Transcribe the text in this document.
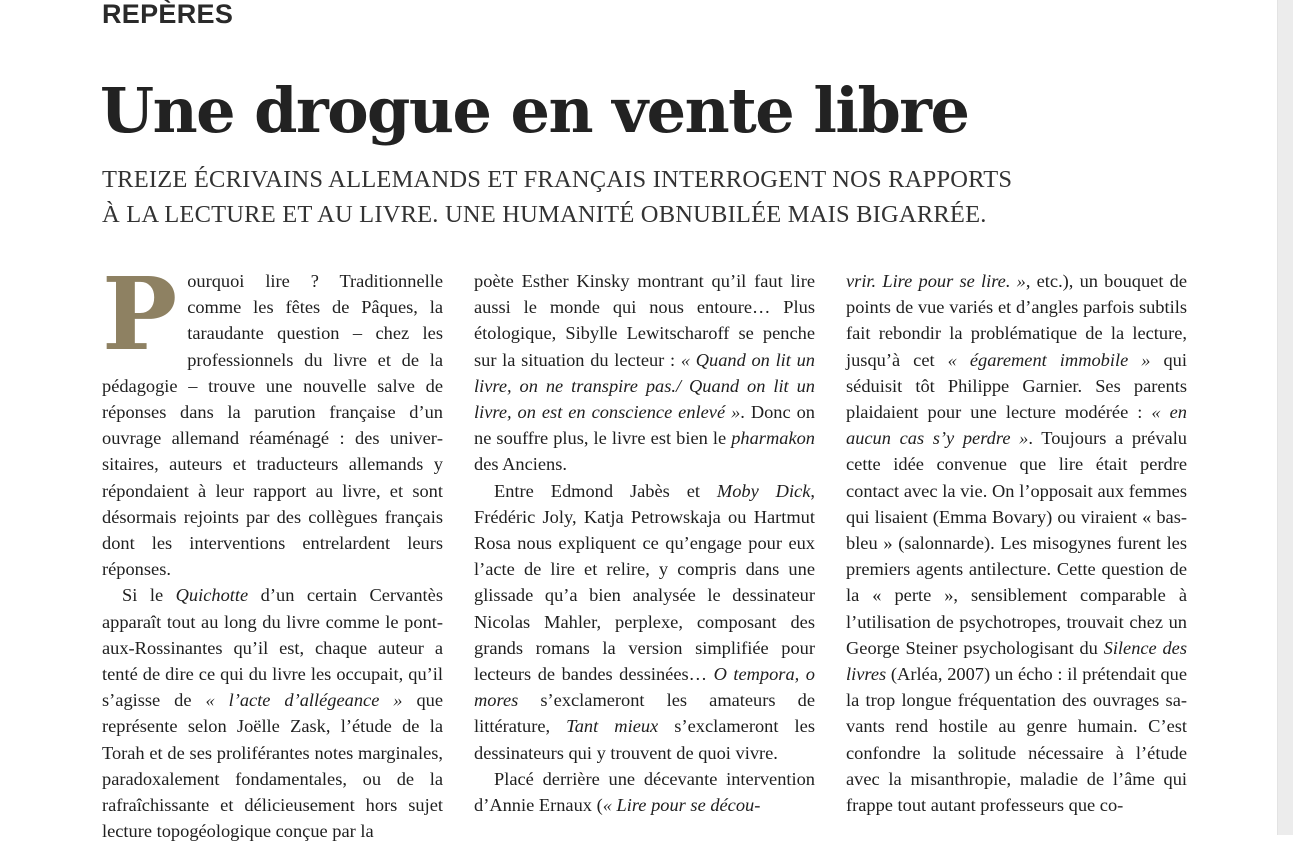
REPÈRES
Une drogue en vente libre
TREIZE ÉCRIVAINS ALLEMANDS ET FRANÇAIS INTERROGENT NOS RAPPORTS
À LA LECTURE ET AU LIVRE. UNE HUMANITÉ OBNUBILÉE MAIS BIGARRÉE.

Pourquoi lire ? Traditionnelle comme les fêtes de Pâques, la taraudante question – chez les professionnels du livre et de la pédagogie – trouve une nouvelle salve de réponses dans la parution française d’un ouvrage allemand réaménagé : des universitaires, auteurs et traducteurs allemands y répondaient à leur rapport au livre, et sont désormais rejoints par des collègues français dont les interventions entrelardent leurs réponses.

Si le Quichotte d’un certain Cervantès apparaît tout au long du livre comme le pont-aux-Rossinantes qu’il est, chaque auteur a tenté de dire ce qui du livre les occupait, qu’il s’agisse de « l’acte d’allégeance » que représente selon Joëlle Zask, l’étude de la Torah et de ses proliférantes notes marginales, paradoxalement fondamentales, ou de la rafraîchissante et délicieusement hors sujet lecture topogéologique conçue par la

poète Esther Kinsky montrant qu’il faut lire aussi le monde qui nous entoure… Plus étologique, Sibylle Lewitscharoff se penche sur la situation du lecteur : « Quand on lit un livre, on ne transpire pas./ Quand on lit un livre, on est en conscience enlevé ». Donc on ne souffre plus, le livre est bien le pharmakon des Anciens.

Entre Edmond Jabès et Moby Dick, Frédéric Joly, Katja Petrowskaja ou Hartmut Rosa nous expliquent ce qu’engage pour eux l’acte de lire et relire, y compris dans une glissade qu’a bien analysée le dessinateur Nicolas Mahler, perplexe, composant des grands romans la version simplifiée pour lecteurs de bandes dessinées… O tempora, o mores s’exclameront les amateurs de littérature, Tant mieux s’exclameront les dessinateurs qui y trouvent de quoi vivre.

Placé derrière une décevante intervention d’Annie Ernaux (« Lire pour se décou-

vrir. Lire pour se lire. », etc.), un bouquet de points de vue variés et d’angles parfois subtils fait rebondir la problématique de la lecture, jusqu’à cet « égarement immobile » qui séduisit tôt Philippe Garnier. Ses parents plaidaient pour une lecture modérée : « en aucun cas s’y perdre ». Toujours a prévalu cette idée convenue que lire était perdre contact avec la vie. On l’opposait aux femmes qui lisaient (Emma Bovary) ou viraient « bas-bleu » (salonnarde). Les misogynes furent les premiers agents antilecture. Cette question de la « perte », sensiblement comparable à l’utilisation de psychotropes, trouvait chez un George Steiner psychologisant du Silence des livres (Arléa, 2007) un écho : il prétendait que la trop longue fréquentation des ouvrages savants rend hostile au genre humain. C’est confondre la solitude nécessaire à l’étude avec la misanthropie, maladie de l’âme qui frappe tout autant professeurs que co-
